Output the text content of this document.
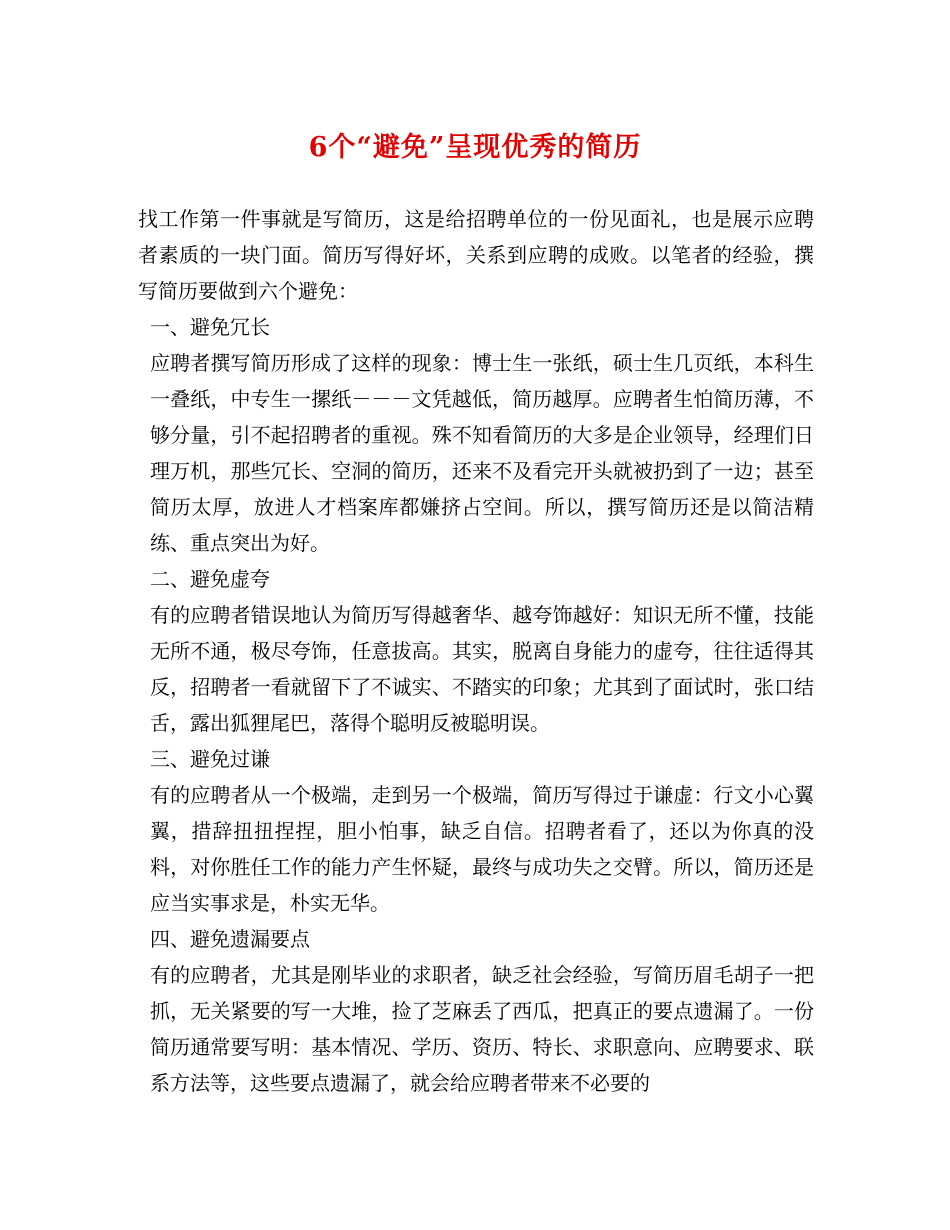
6个“避免”呈现优秀的简历

找工作第一件事就是写简历，这是给招聘单位的一份见面礼，也是展示应聘者素质的一块门面。简历写得好坏，关系到应聘的成败。以笔者的经验，撰写简历要做到六个避免：

一、避免冗长

应聘者撰写简历形成了这样的现象：博士生一张纸，硕士生几页纸，本科生一叠纸，中专生一摞纸－－－文凭越低，简历越厚。应聘者生怕简历薄，不够分量，引不起招聘者的重视。殊不知看简历的大多是企业领导，经理们日理万机，那些冗长、空洞的简历，还来不及看完开头就被扔到了一边；甚至简历太厚，放进人才档案库都嫌挤占空间。所以，撰写简历还是以简洁精练、重点突出为好。

二、避免虚夸

有的应聘者错误地认为简历写得越奢华、越夸饰越好：知识无所不懂，技能无所不通，极尽夸饰，任意拔高。其实，脱离自身能力的虚夸，往往适得其反，招聘者一看就留下了不诚实、不踏实的印象；尤其到了面试时，张口结舌，露出狐狸尾巴，落得个聪明反被聪明误。

三、避免过谦

有的应聘者从一个极端，走到另一个极端，简历写得过于谦虚：行文小心翼翼，措辞扭扭捏捏，胆小怕事，缺乏自信。招聘者看了，还以为你真的没料，对你胜任工作的能力产生怀疑，最终与成功失之交臂。所以，简历还是应当实事求是，朴实无华。

四、避免遗漏要点

有的应聘者，尤其是刚毕业的求职者，缺乏社会经验，写简历眉毛胡子一把抓，无关紧要的写一大堆，捡了芝麻丢了西瓜，把真正的要点遗漏了。一份简历通常要写明：基本情况、学历、资历、特长、求职意向、应聘要求、联系方法等，这些要点遗漏了，就会给应聘者带来不必要的
